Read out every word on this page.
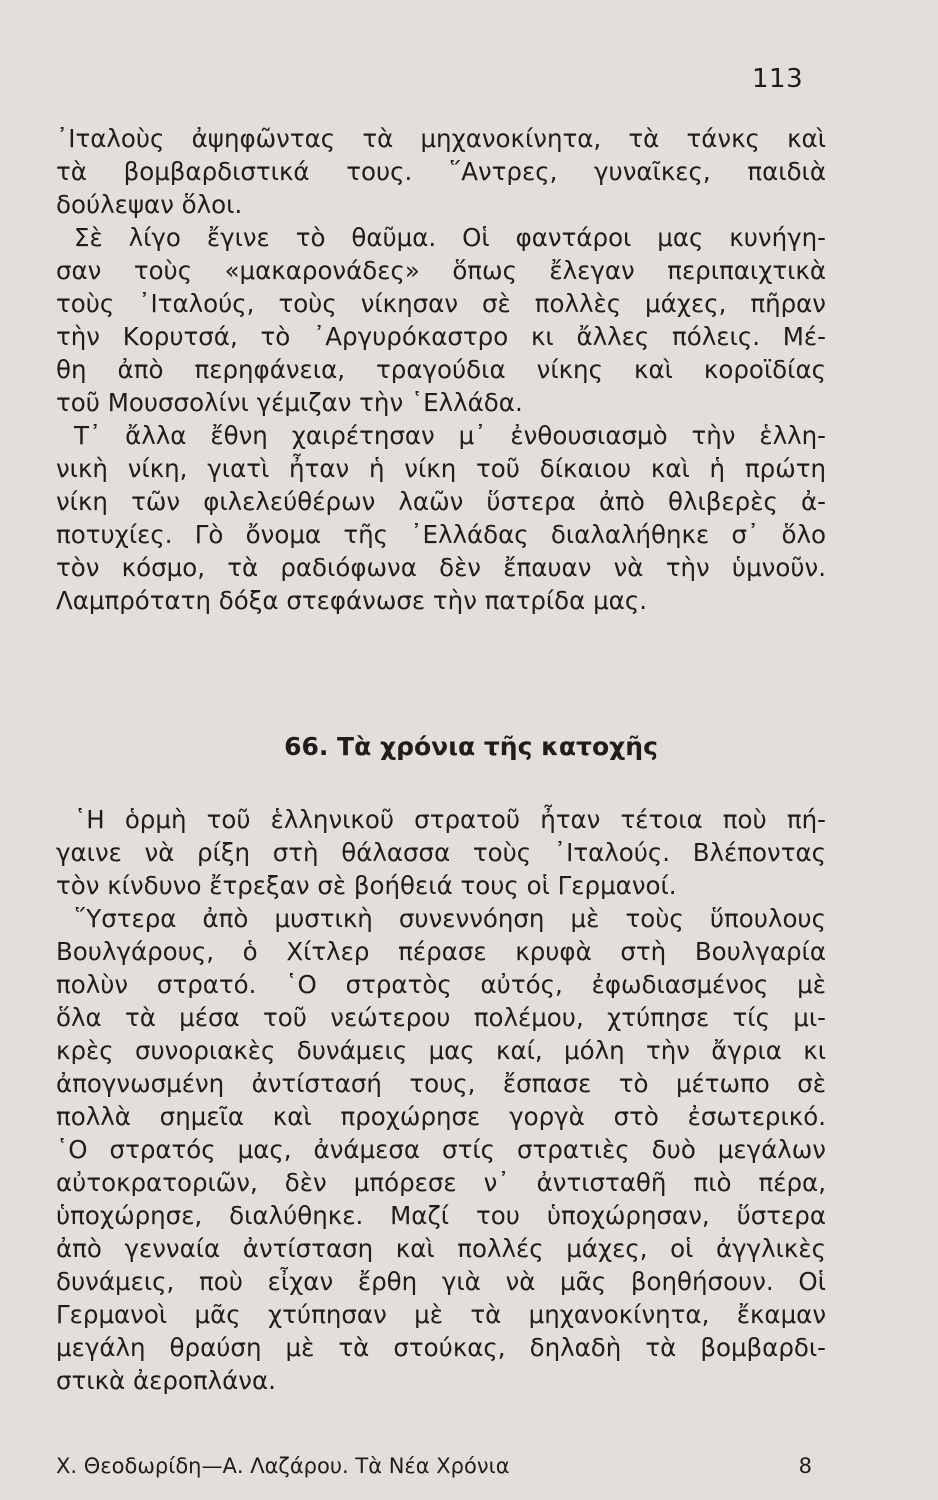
113
᾿Ιταλοὺς ἀψηφῶντας τὰ μηχανοκίνητα, τὰ τάνκς καὶ
τὰ βομβαρδιστικά τους. ῞Αντρες, γυναῖκες, παιδιὰ
δούλεψαν ὅλοι.
Σὲ λίγο ἔγινε τὸ θαῦμα. Οἱ φαντάροι μας κυνήγη-
σαν τοὺς «μακαρονάδες» ὅπως ἔλεγαν περιπαιχτικὰ
τοὺς ᾿Ιταλούς, τοὺς νίκησαν σὲ πολλὲς μάχες, πῆραν
τὴν Κορυτσά, τὸ ᾿Αργυρόκαστρο κι ἄλλες πόλεις. Μέ-
θη ἀπὸ περηφάνεια, τραγούδια νίκης καὶ κοροϊδίας
τοῦ Μουσσολίνι γέμιζαν τὴν ῾Ελλάδα.
Τ᾿ ἄλλα ἔθνη χαιρέτησαν μ᾿ ἐνθουσιασμὸ τὴν ἑλλη-
νικὴ νίκη, γιατὶ ἦταν ἡ νίκη τοῦ δίκαιου καὶ ἡ πρώτη
νίκη τῶν φιλελεύθέρων λαῶν ὕστερα ἀπὸ θλιβερὲς ἀ-
ποτυχίες. Γὸ ὄνομα τῆς ᾿Ελλάδας διαλαλήθηκε σ᾿ ὅλο
τὸν κόσμο, τὰ ραδιόφωνα δὲν ἔπαυαν νὰ τὴν ὑμνοῦν.
Λαμπρότατη δόξα στεφάνωσε τὴν πατρίδα μας.
66. Τὰ χρόνια τῆς κατοχῆς
῾Η ὁρμὴ τοῦ ἑλληνικοῦ στρατοῦ ἦταν τέτοια ποὺ πή-
γαινε νὰ ρίξη στὴ θάλασσα τοὺς ᾿Ιταλούς. Βλέποντας
τὸν κίνδυνο ἔτρεξαν σὲ βοήθειά τους οἱ Γερμανοί.
῞Υστερα ἀπὸ μυστικὴ συνεννόηση μὲ τοὺς ὕπουλους
Βουλγάρους, ὁ Χίτλερ πέρασε κρυφὰ στὴ Βουλγαρία
πολὺν στρατό. ῾Ο στρατὸς αὐτός, ἐφωδιασμένος μὲ
ὅλα τὰ μέσα τοῦ νεώτερου πολέμου, χτύπησε τίς μι-
κρὲς συνοριακὲς δυνάμεις μας καί, μόλη τὴν ἄγρια κι
ἀπογνωσμένη ἀντίστασή τους, ἔσπασε τὸ μέτωπο σὲ
πολλὰ σημεῖα καὶ προχώρησε γοργὰ στὸ ἐσωτερικό.
῾Ο στρατός μας, ἀνάμεσα στίς στρατιὲς δυὸ μεγάλων
αὐτοκρατοριῶν, δὲν μπόρεσε ν᾿ ἀντισταθῆ πιὸ πέρα,
ὑποχώρησε, διαλύθηκε. Μαζί του ὑποχώρησαν, ὕστερα
ἀπὸ γενναία ἀντίσταση καὶ πολλές μάχες, οἱ ἀγγλικὲς
δυνάμεις, ποὺ εἶχαν ἔρθη γιὰ νὰ μᾶς βοηθήσουν. Οἱ
Γερμανοὶ μᾶς χτύπησαν μὲ τὰ μηχανοκίνητα, ἔκαμαν
μεγάλη θραύση μὲ τὰ στούκας, δηλαδὴ τὰ βομβαρδι-
στικὰ ἀεροπλάνα.
Χ. Θεοδωρίδη—Α. Λαζάρου. Τὰ Νέα Χρόνια	8
